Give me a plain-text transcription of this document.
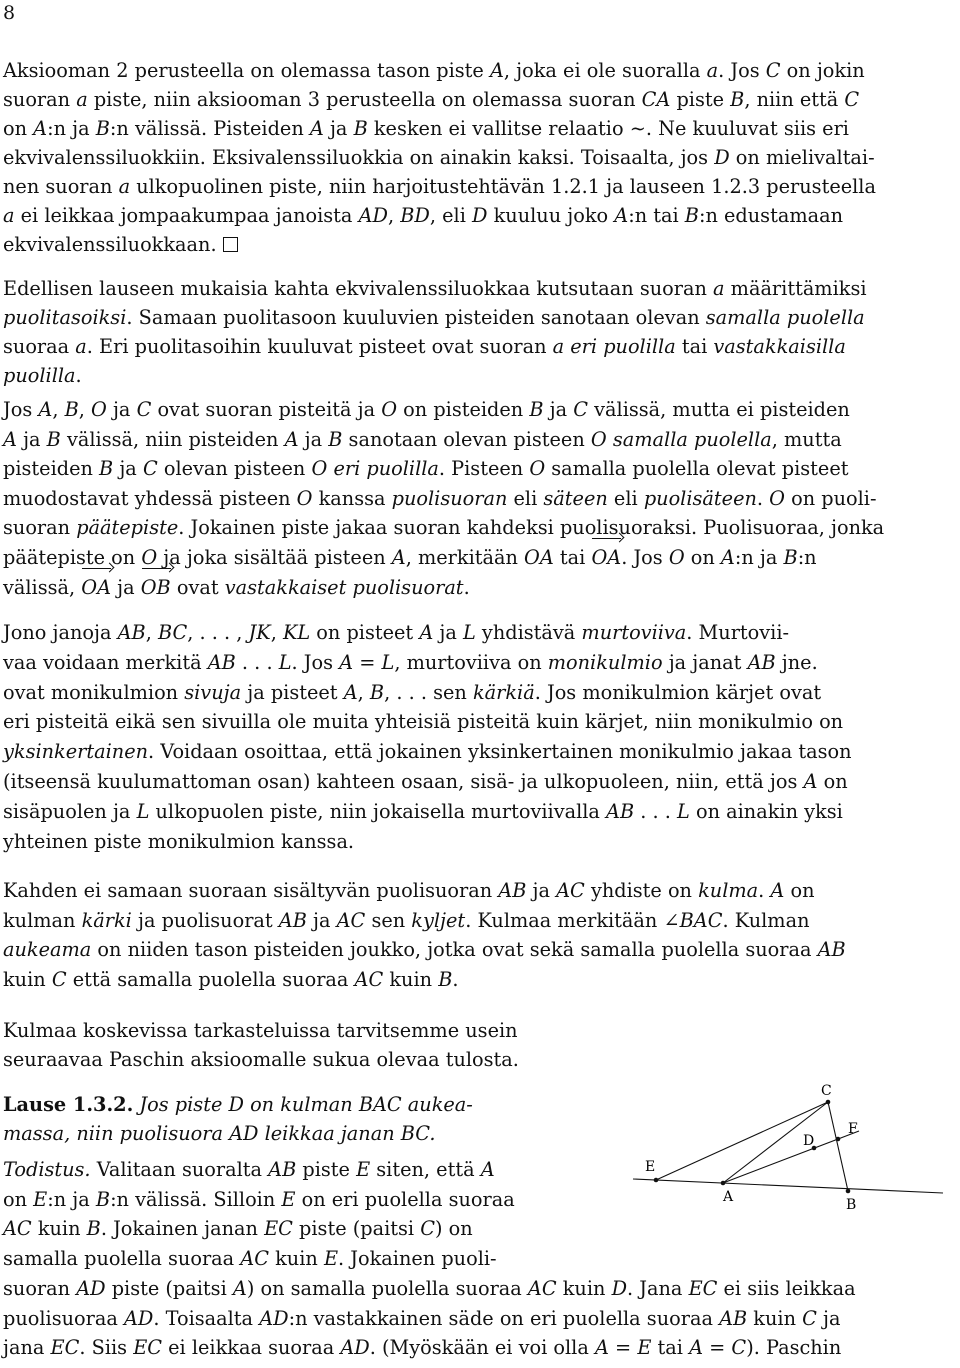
8
Aksiooman 2 perusteella on olemassa tason piste A, joka ei ole suoralla a. Jos C on jokin
suoran a piste, niin aksiooman 3 perusteella on olemassa suoran CA piste B, niin että C
on A:n ja B:n välissä. Pisteiden A ja B kesken ei vallitse relaatio ∼. Ne kuuluvat siis eri
ekvivalenssiluokkiin. Eksivalenssiluokkia on ainakin kaksi. Toisaalta, jos D on mielivaltai-
nen suoran a ulkopuolinen piste, niin harjoitustehtävän 1.2.1 ja lauseen 1.2.3 perusteella
a ei leikkaa jompaakumpaa janoista AD, BD, eli D kuuluu joko A:n tai B:n edustamaan
ekvivalenssiluokkaan.
Edellisen lauseen mukaisia kahta ekvivalenssiluokkaa kutsutaan suoran a määrittämiksi
puolitasoiksi. Samaan puolitasoon kuuluvien pisteiden sanotaan olevan samalla puolella
suoraa a. Eri puolitasoihin kuuluvat pisteet ovat suoran a eri puolilla tai vastakkaisilla
puolilla.
Jos A, B, O ja C ovat suoran pisteitä ja O on pisteiden B ja C välissä, mutta ei pisteiden
A ja B välissä, niin pisteiden A ja B sanotaan olevan pisteen O samalla puolella, mutta
pisteiden B ja C olevan pisteen O eri puolilla. Pisteen O samalla puolella olevat pisteet
muodostavat yhdessä pisteen O kanssa puolisuoran eli säteen eli puolisäteen. O on puoli-
suoran päätepiste. Jokainen piste jakaa suoran kahdeksi puolisuoraksi. Puolisuoraa, jonka
päätepiste on O ja joka sisältää pisteen A, merkitään OA tai OA. Jos O on A:n ja B:n
välissä, OA ja OB ovat vastakkaiset puolisuorat.
Jono janoja AB, BC, . . . , JK, KL on pisteet A ja L yhdistävä murtoviiva. Murtovii-
vaa voidaan merkitä AB . . . L. Jos A = L, murtoviiva on monikulmio ja janat AB jne.
ovat monikulmion sivuja ja pisteet A, B, . . . sen kärkiä. Jos monikulmion kärjet ovat
eri pisteitä eikä sen sivuilla ole muita yhteisiä pisteitä kuin kärjet, niin monikulmio on
yksinkertainen. Voidaan osoittaa, että jokainen yksinkertainen monikulmio jakaa tason
(itseensä kuulumattoman osan) kahteen osaan, sisä- ja ulkopuoleen, niin, että jos A on
sisäpuolen ja L ulkopuolen piste, niin jokaisella murtoviivalla AB . . . L on ainakin yksi
yhteinen piste monikulmion kanssa.
Kahden ei samaan suoraan sisältyvän puolisuoran AB ja AC yhdiste on kulma. A on
kulman kärki ja puolisuorat AB ja AC sen kyljet. Kulmaa merkitään ∠BAC. Kulman
aukeama on niiden tason pisteiden joukko, jotka ovat sekä samalla puolella suoraa AB
kuin C että samalla puolella suoraa AC kuin B.
Kulmaa koskevissa tarkasteluissa tarvitsemme usein
seuraavaa Paschin aksioomalle sukua olevaa tulosta.
Lause 1.3.2. Jos piste D on kulman BAC aukea-
massa, niin puolisuora AD leikkaa janan BC.
Todistus. Valitaan suoralta AB piste E siten, että A
on E:n ja B:n välissä. Silloin E on eri puolella suoraa
AC kuin B. Jokainen janan EC piste (paitsi C) on
samalla puolella suoraa AC kuin E. Jokainen puoli-
suoran AD piste (paitsi A) on samalla puolella suoraa AC kuin D. Jana EC ei siis leikkaa
puolisuoraa AD. Toisaalta AD:n vastakkainen säde on eri puolella suoraa AB kuin C ja
jana EC. Siis EC ei leikkaa suoraa AD. (Myöskään ei voi olla A = E tai A = C). Paschin
C
F
D
E
A	B
